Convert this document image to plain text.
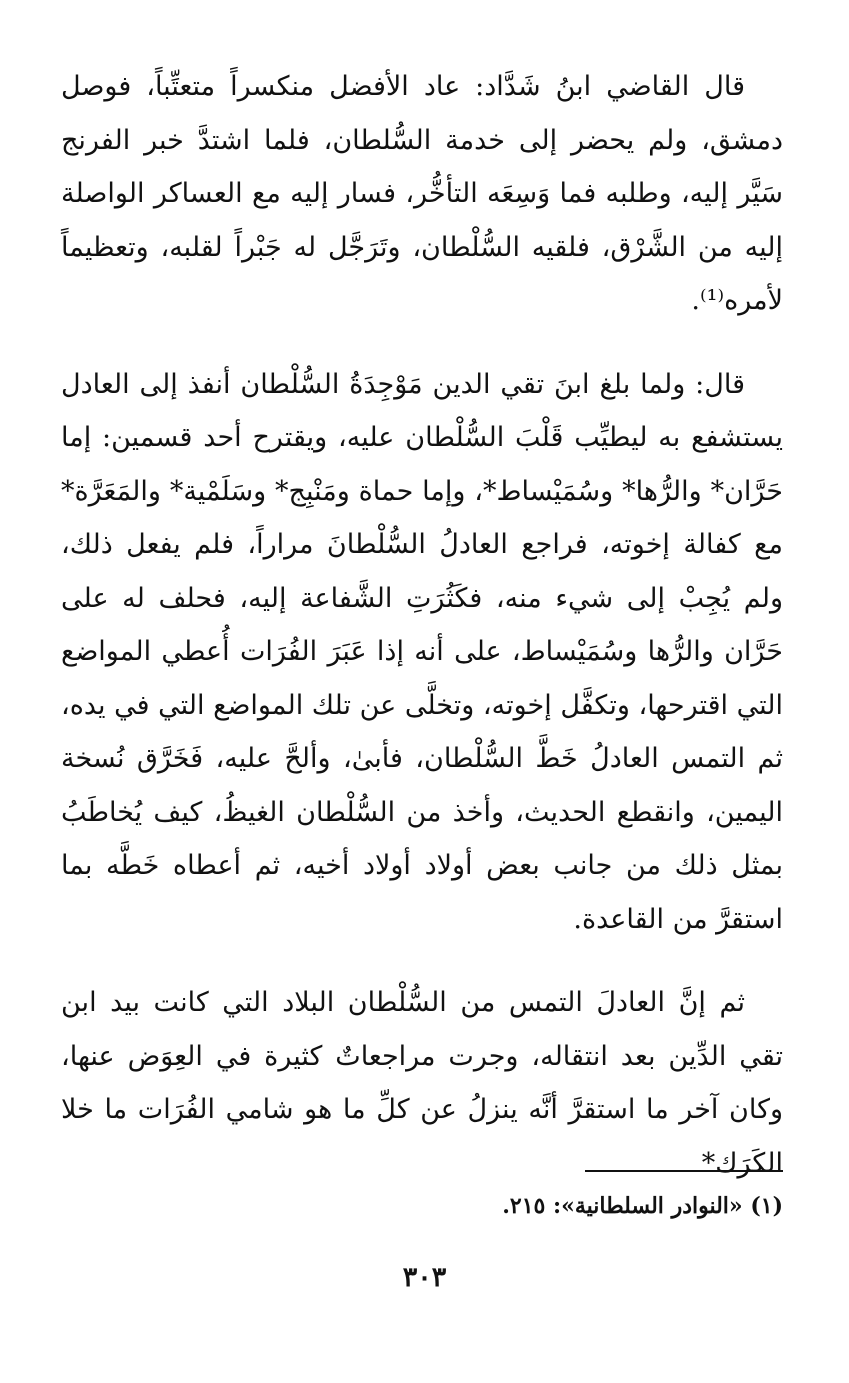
قال القاضي ابنُ شَدَّاد: عاد الأفضل منكسراً متعتِّباً، فوصل دمشق، ولم يحضر إلى خدمة السُّلطان، فلما اشتدَّ خبر الفرنج سَيَّر إليه، وطلبه فما وَسِعَه التأخُّر، فسار إليه مع العساكر الواصلة إليه من الشَّرْق، فلقيه السُّلْطان، وتَرَجَّل له جَبْراً لقلبه، وتعظيماً لأمره⁽¹⁾.

قال: ولما بلغ ابنَ تقي الدين مَوْجِدَةُ السُّلْطان أنفذ إلى العادل يستشفع به ليطيِّب قَلْبَ السُّلْطان عليه، ويقترح أحد قسمين: إما حَرَّان* والرُّها* وسُمَيْساط*، وإما حماة ومَنْبِج* وسَلَمْية* والمَعَرَّة* مع كفالة إخوته، فراجع العادلُ السُّلْطانَ مراراً، فلم يفعل ذلك، ولم يُجِبْ إلى شيء منه، فكَثُرَتِ الشَّفاعة إليه، فحلف له على حَرَّان والرُّها وسُمَيْساط، على أنه إذا عَبَرَ الفُرَات أُعطي المواضع التي اقترحها، وتكفَّل إخوته، وتخلَّى عن تلك المواضع التي في يده، ثم التمس العادلُ خَطَّ السُّلْطان، فأبىٰ، وألحَّ عليه، فَخَرَّق نُسخة اليمين، وانقطع الحديث، وأخذ من السُّلْطان الغيظُ، كيف يُخاطَبُ بمثل ذلك من جانب بعض أولاد أولاد أخيه، ثم أعطاه خَطَّه بما استقرَّ من القاعدة.

ثم إنَّ العادلَ التمس من السُّلْطان البلاد التي كانت بيد ابن تقي الدِّين بعد انتقاله، وجرت مراجعاتٌ كثيرة في العِوَض عنها، وكان آخر ما استقرَّ أنَّه ينزلُ عن كلِّ ما هو شامي الفُرَات ما خلا الكَرَك*

(١) «النوادر السلطانية»: ٢١٥.
٣٠٣
